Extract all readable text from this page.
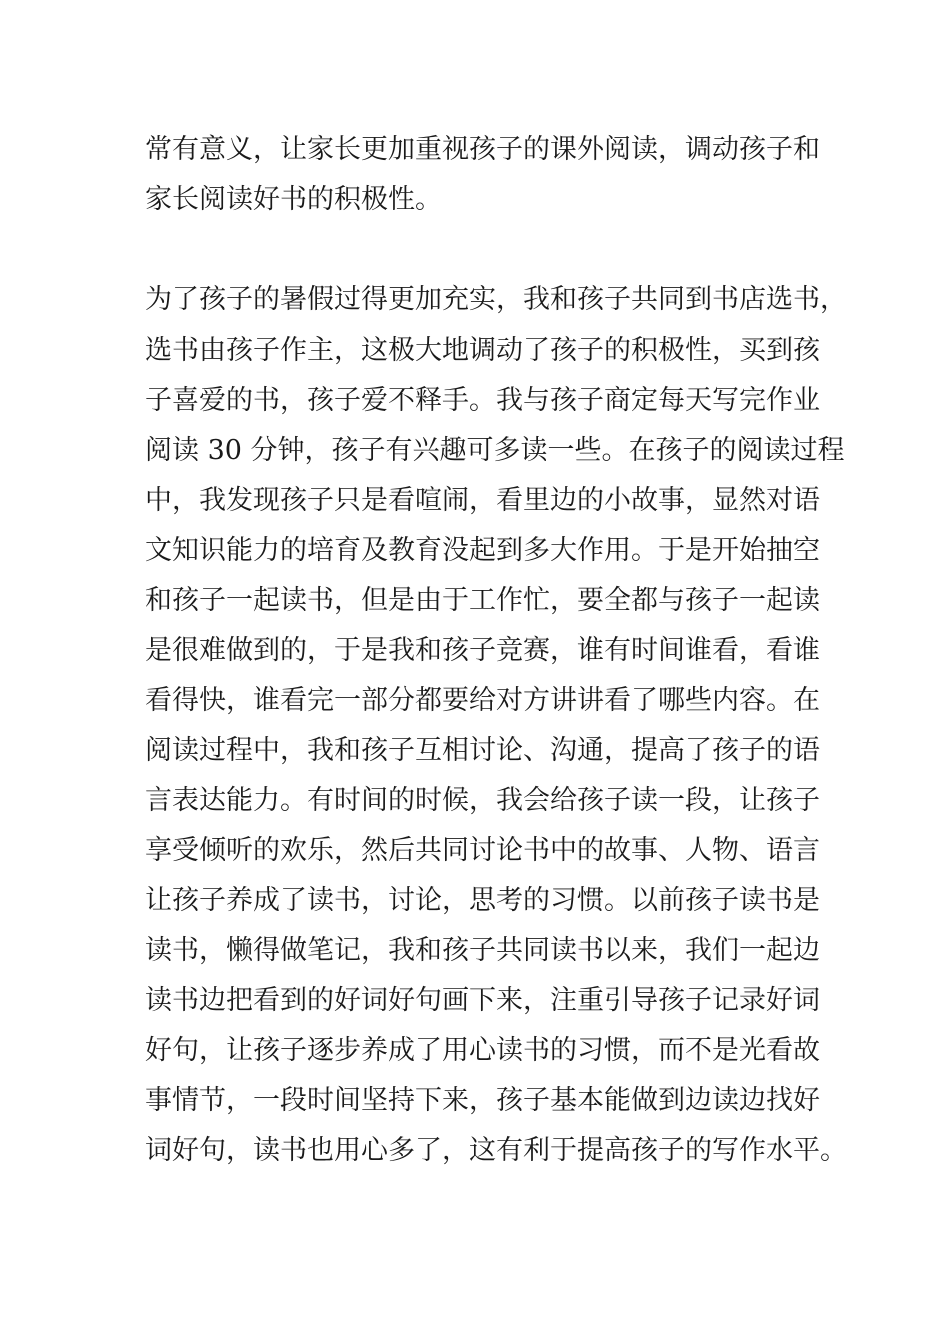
常有意义，让家长更加重视孩子的课外阅读，调动孩子和
家长阅读好书的积极性。
为了孩子的暑假过得更加充实，我和孩子共同到书店选书，
选书由孩子作主，这极大地调动了孩子的积极性，买到孩
子喜爱的书，孩子爱不释手。我与孩子商定每天写完作业
阅读 30 分钟，孩子有兴趣可多读一些。在孩子的阅读过程
中，我发现孩子只是看喧闹，看里边的小故事，显然对语
文知识能力的培育及教育没起到多大作用。于是开始抽空
和孩子一起读书，但是由于工作忙，要全都与孩子一起读
是很难做到的，于是我和孩子竞赛，谁有时间谁看，看谁
看得快，谁看完一部分都要给对方讲讲看了哪些内容。在
阅读过程中，我和孩子互相讨论、沟通，提高了孩子的语
言表达能力。有时间的时候，我会给孩子读一段，让孩子
享受倾听的欢乐，然后共同讨论书中的故事、人物、语言
让孩子养成了读书，讨论，思考的习惯。以前孩子读书是
读书，懒得做笔记，我和孩子共同读书以来，我们一起边
读书边把看到的好词好句画下来，注重引导孩子记录好词
好句，让孩子逐步养成了用心读书的习惯，而不是光看故
事情节，一段时间坚持下来，孩子基本能做到边读边找好
词好句，读书也用心多了，这有利于提高孩子的写作水平。
